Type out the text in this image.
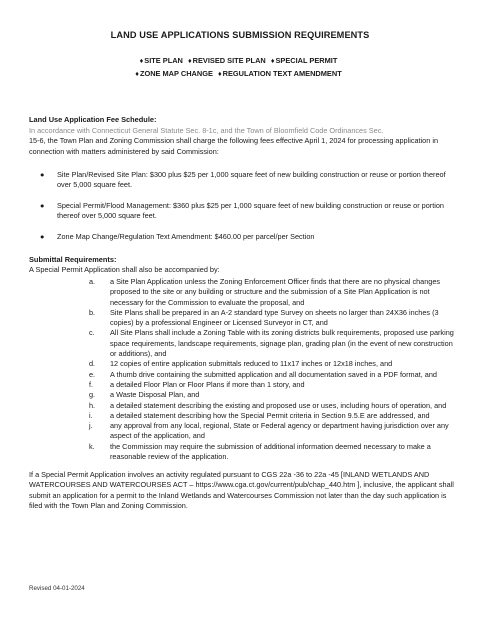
LAND USE APPLICATIONS SUBMISSION REQUIREMENTS
♦SITE PLAN ♦REVISED SITE PLAN ♦SPECIAL PERMIT
♦ZONE MAP CHANGE ♦REGULATION TEXT AMENDMENT
Land Use Application Fee Schedule:
In accordance with Connecticut General Statute Sec. 8-1c, and the Town of Bloomfield Code Ordinances Sec.
15-6, the Town Plan and Zoning Commission shall charge the following fees effective April 1, 2024 for processing application in connection with matters administered by said Commission:
● Site Plan/Revised Site Plan: $300 plus $25 per 1,000 square feet of new building construction or reuse or portion thereof over 5,000 square feet.
● Special Permit/Flood Management: $360 plus $25 per 1,000 square feet of new building construction or reuse or portion thereof over 5,000 square feet.
● Zone Map Change/Regulation Text Amendment: $460.00 per parcel/per Section
Submittal Requirements:
A Special Permit Application shall also be accompanied by:
a. a Site Plan Application unless the Zoning Enforcement Officer finds that there are no physical changes proposed to the site or any building or structure and the submission of a Site Plan Application is not necessary for the Commission to evaluate the proposal, and
b. Site Plans shall be prepared in an A-2 standard type Survey on sheets no larger than 24X36 inches (3 copies) by a professional Engineer or Licensed Surveyor in CT, and
c. All Site Plans shall include a Zoning Table with its zoning districts bulk requirements, proposed use parking space requirements, landscape requirements, signage plan, grading plan (in the event of new construction or additions), and
d. 12 copies of entire application submittals reduced to 11x17 inches or 12x18 inches, and
e. A thumb drive containing the submitted application and all documentation saved in a PDF format, and
f. a detailed Floor Plan or Floor Plans if more than 1 story, and
g. a Waste Disposal Plan, and
h. a detailed statement describing the existing and proposed use or uses, including hours of operation, and
i. a detailed statement describing how the Special Permit criteria in Section 9.5.E are addressed, and
j. any approval from any local, regional, State or Federal agency or department having jurisdiction over any aspect of the application, and
k. the Commission may require the submission of additional information deemed necessary to make a reasonable review of the application.
If a Special Permit Application involves an activity regulated pursuant to CGS 22a -36 to 22a -45 [INLAND WETLANDS AND WATERCOURSES AND WATERCOURSES ACT – https://www.cga.ct.gov/current/pub/chap_440.htm ], inclusive, the applicant shall submit an application for a permit to the Inland Wetlands and Watercourses Commission not later than the day such application is filed with the Town Plan and Zoning Commission.
Revised 04-01-2024
